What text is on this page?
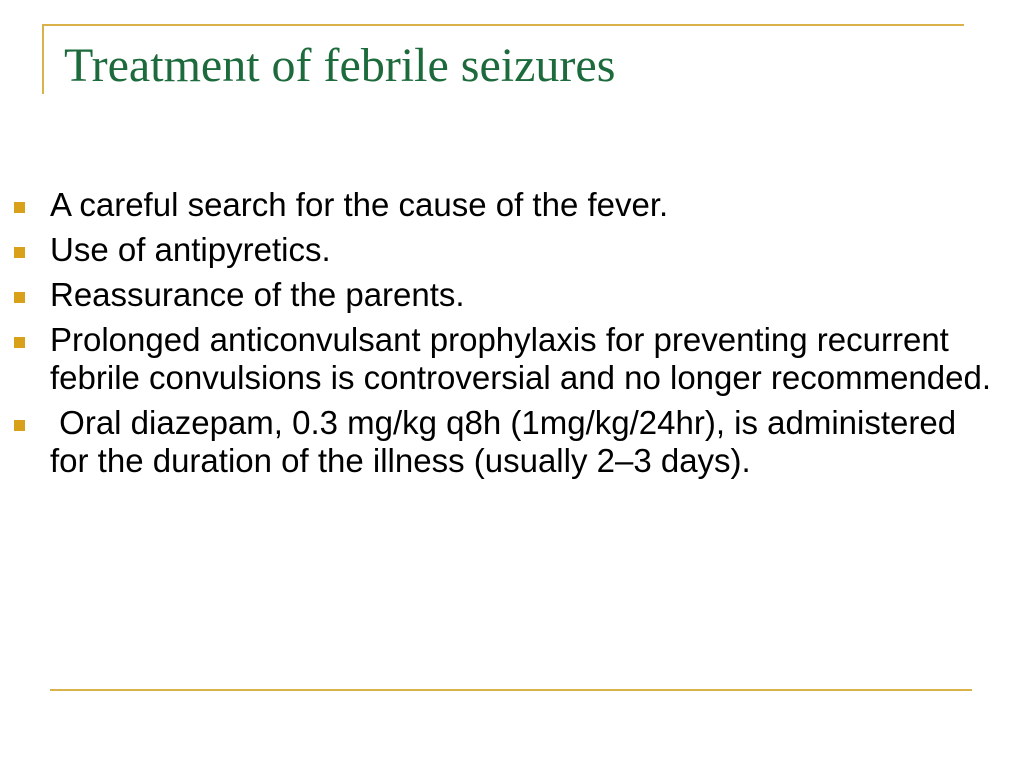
Treatment of febrile seizures
A careful search for the cause of the fever.
Use of antipyretics.
Reassurance of the parents.
Prolonged anticonvulsant prophylaxis for preventing recurrent febrile convulsions is controversial and no longer recommended.
Oral diazepam, 0.3 mg/kg q8h (1mg/kg/24hr), is administered for the duration of the illness (usually 2–3 days).
